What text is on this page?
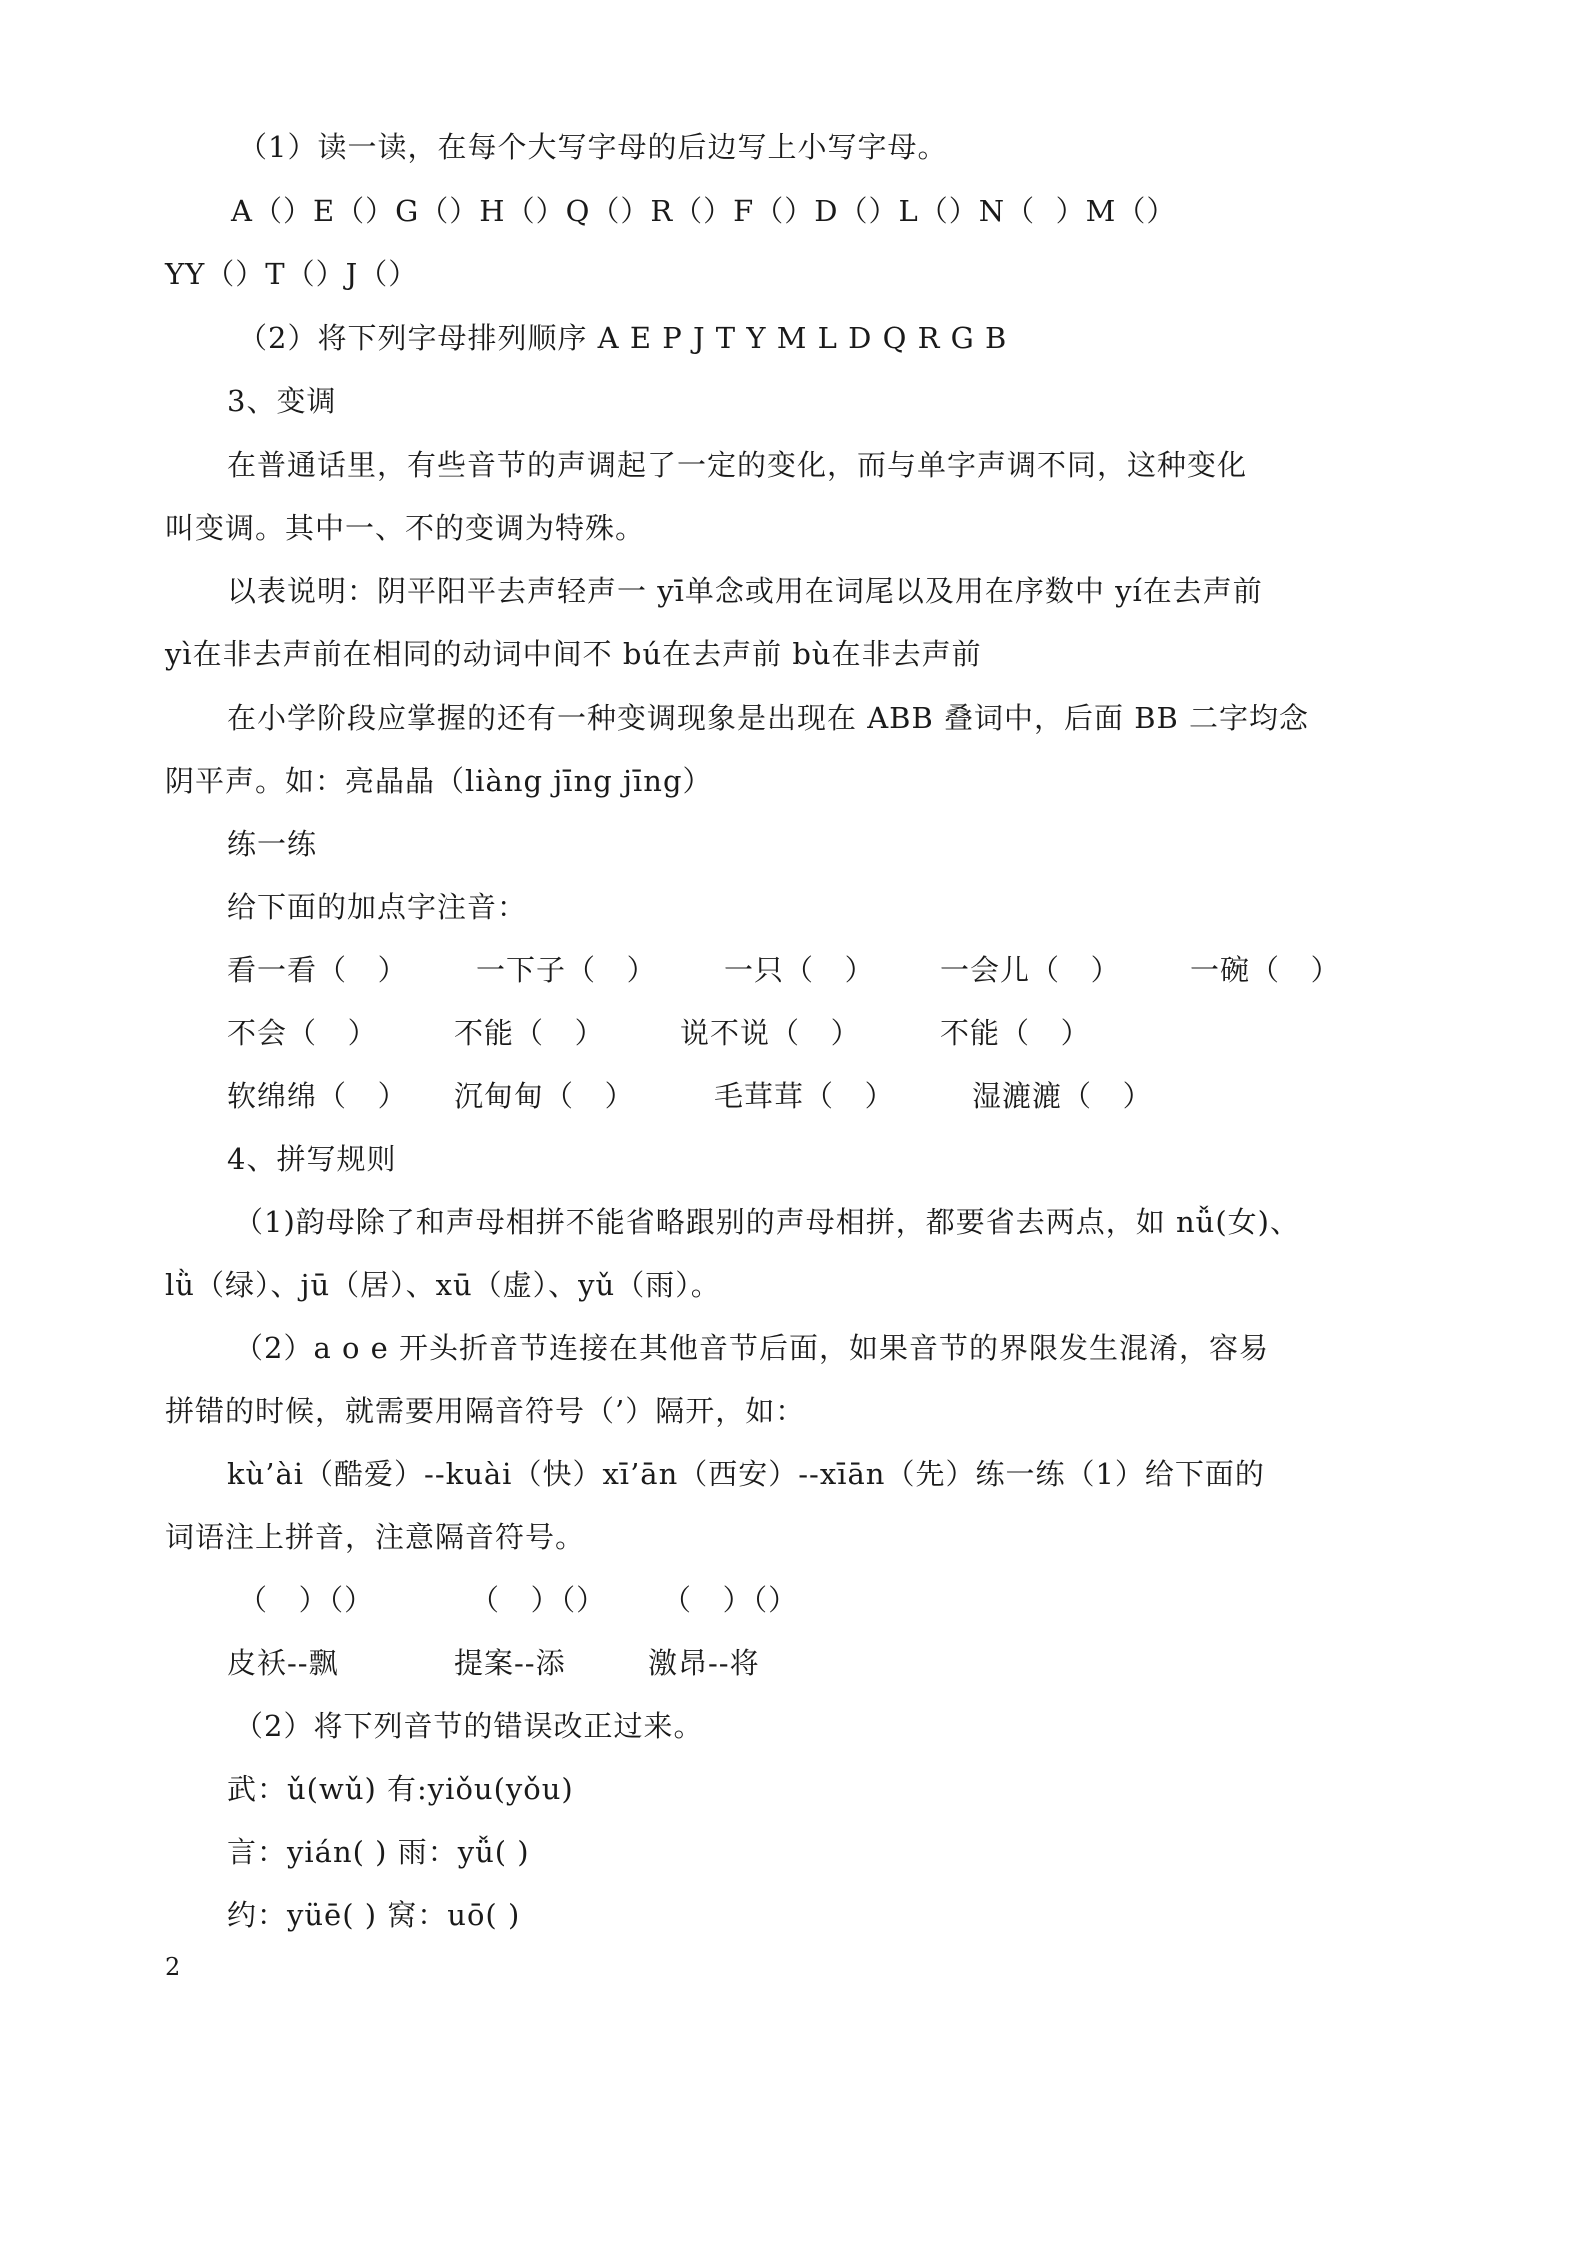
（1）读一读，在每个大写字母的后边写上小写字母。
A（）E（）G（）H（）Q（）R（）F（）D（）L（）N（  ）M（）
YY（）T（）J（）
（2）将下列字母排列顺序 A E P J T Y M L D Q R G B
3、变调
在普通话里，有些音节的声调起了一定的变化，而与单字声调不同，这种变化
叫变调。其中一、不的变调为特殊。
以表说明：阴平阳平去声轻声一 yī单念或用在词尾以及用在序数中 yí在去声前
yì在非去声前在相同的动词中间不 bú在去声前 bù在非去声前
在小学阶段应掌握的还有一种变调现象是出现在 ABB 叠词中，后面 BB 二字均念
阴平声。如：亮晶晶（liàng jīng jīng）
练一练
给下面的加点字注音：
看一看（   ） 一下子（   ） 一只（   ） 一会儿（   ） 一碗（   ）
不会（   ）	不能（   ）	说不说（   ）	不能（   ）
软绵绵（   ） 沉甸甸（   ）	毛茸茸（   ）	湿漉漉（   ）
4、拼写规则
（1)韵母除了和声母相拼不能省略跟别的声母相拼，都要省去两点，如 nǚ(女)、
lǜ（绿）、jū（居）、xū（虚）、yǔ（雨）。
（2）a o e 开头折音节连接在其他音节后面，如果音节的界限发生混淆，容易
拼错的时候，就需要用隔音符号（’）隔开，如：
kù’ài（酷爱）--kuài（快）xī’ān（西安）--xīān（先）练一练（1）给下面的
词语注上拼音，注意隔音符号。
（   ）（）	（   ）（） （   ）（）
皮袄--飘	提案--添	激昂--将
（2）将下列音节的错误改正过来。
武：ǔ(wǔ) 有:yiǒu(yǒu)
言：yián( ) 雨：yǚ( )
约：yüē( ) 窝：uō( )
2
